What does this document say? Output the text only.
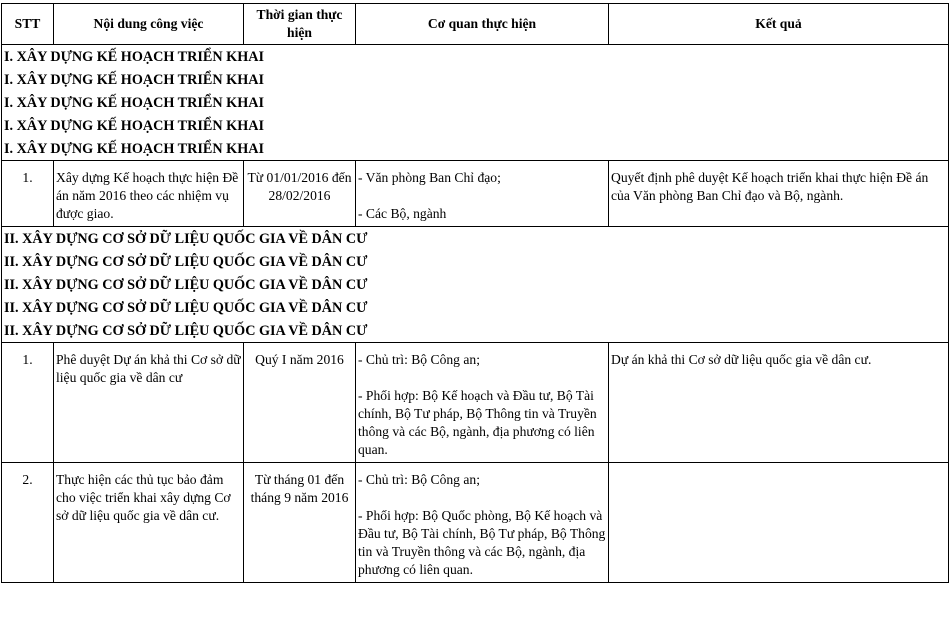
STT	Nội dung công việc	Thời gian thực hiện	Cơ quan thực hiện	Kết quả

I. XÂY DỰNG KẾ HOẠCH TRIỂN KHAI				

I. XÂY DỰNG KẾ HOẠCH TRIỂN KHAI				

I. XÂY DỰNG KẾ HOẠCH TRIỂN KHAI				

I. XÂY DỰNG KẾ HOẠCH TRIỂN KHAI				

I. XÂY DỰNG KẾ HOẠCH TRIỂN KHAI				

1.	Xây dựng Kế hoạch thực hiện Đề án năm 2016 theo các nhiệm vụ được giao.	Từ 01/01/2016 đến 28/02/2016	- Văn phòng Ban Chỉ đạo;
- Các Bộ, ngành	Quyết định phê duyệt Kế hoạch triển khai thực hiện Đề án của Văn phòng Ban Chỉ đạo và Bộ, ngành.

II. XÂY DỰNG CƠ SỞ DỮ LIỆU QUỐC GIA VỀ DÂN CƯ				

II. XÂY DỰNG CƠ SỞ DỮ LIỆU QUỐC GIA VỀ DÂN CƯ				

II. XÂY DỰNG CƠ SỞ DỮ LIỆU QUỐC GIA VỀ DÂN CƯ				

II. XÂY DỰNG CƠ SỞ DỮ LIỆU QUỐC GIA VỀ DÂN CƯ				

II. XÂY DỰNG CƠ SỞ DỮ LIỆU QUỐC GIA VỀ DÂN CƯ				

1.	Phê duyệt Dự án khả thi Cơ sở dữ liệu quốc gia về dân cư	Quý I năm 2016	- Chủ trì: Bộ Công an;
- Phối hợp: Bộ Kế hoạch và Đầu tư, Bộ Tài chính, Bộ Tư pháp, Bộ Thông tin và Truyền thông và các Bộ, ngành, địa phương có liên quan.	Dự án khả thi Cơ sở dữ liệu quốc gia về dân cư.
2.	Thực hiện các thủ tục bảo đảm cho việc triển khai xây dựng Cơ sở dữ liệu quốc gia về dân cư.	Từ tháng 01 đến tháng 9 năm 2016	- Chủ trì: Bộ Công an;
- Phối hợp: Bộ Quốc phòng, Bộ Kế hoạch và Đầu tư, Bộ Tài chính, Bộ Tư pháp, Bộ Thông tin và Truyền thông và các Bộ, ngành, địa phương có liên quan.	
